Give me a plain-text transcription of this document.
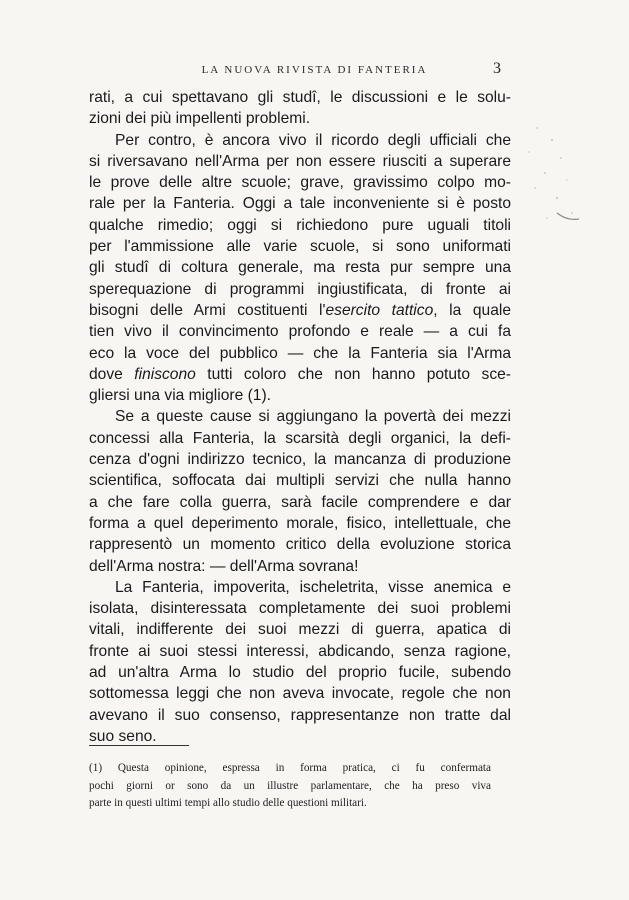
LA NUOVA RIVISTA DI FANTERIA	3
rati, a cui spettavano gli studî, le discussioni e le solu-
zioni dei più impellenti problemi.
Per contro, è ancora vivo il ricordo degli ufficiali che
si riversavano nell'Arma per non essere riusciti a superare
le prove delle altre scuole; grave, gravissimo colpo mo-
rale per la Fanteria. Oggi a tale inconveniente si è posto
qualche rimedio; oggi si richiedono pure uguali titoli
per l'ammissione alle varie scuole, si sono uniformati
gli studî di coltura generale, ma resta pur sempre una
sperequazione di programmi ingiustificata, di fronte ai
bisogni delle Armi costituenti l'esercito tattico, la quale
tien vivo il convincimento profondo e reale — a cui fa
eco la voce del pubblico — che la Fanteria sia l'Arma
dove finiscono tutti coloro che non hanno potuto sce-
gliersi una via migliore (1).
Se a queste cause si aggiungano la povertà dei mezzi
concessi alla Fanteria, la scarsità degli organici, la defi-
cenza d'ogni indirizzo tecnico, la mancanza di produzione
scientifica, soffocata dai multipli servizi che nulla hanno
a che fare colla guerra, sarà facile comprendere e dar
forma a quel deperimento morale, fisico, intellettuale, che
rappresentò un momento critico della evoluzione storica
dell'Arma nostra: — dell'Arma sovrana!
La Fanteria, impoverita, ischeletrita, visse anemica e
isolata, disinteressata completamente dei suoi problemi
vitali, indifferente dei suoi mezzi di guerra, apatica di
fronte ai suoi stessi interessi, abdicando, senza ragione,
ad un'altra Arma lo studio del proprio fucile, subendo
sottomessa leggi che non aveva invocate, regole che non
avevano il suo consenso, rappresentanze non tratte dal
suo seno.
(1) Questa opinione, espressa in forma pratica, ci fu confermata
pochi giorni or sono da un illustre parlamentare, che ha preso viva
parte in questi ultimi tempi allo studio delle questioni militari.
